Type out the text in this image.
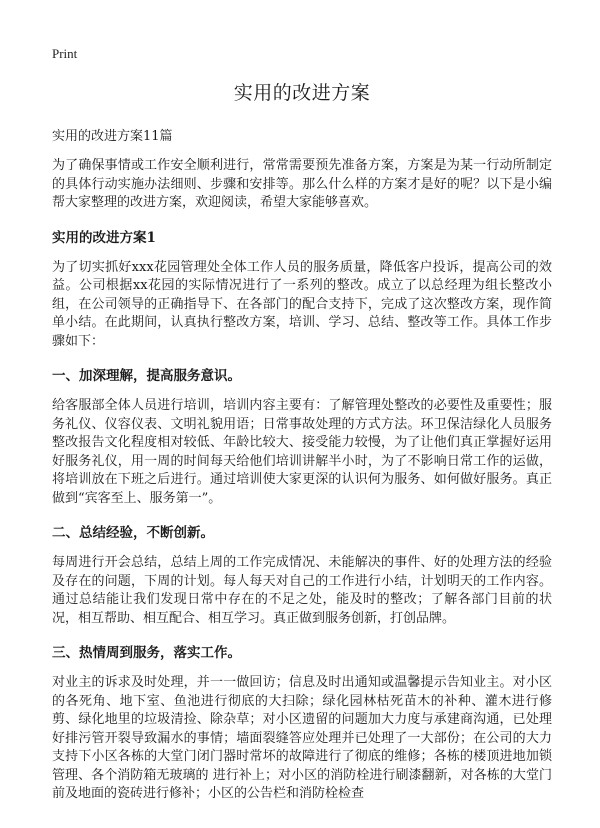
Print
实用的改进方案

实用的改进方案11篇

为了确保事情或工作安全顺利进行，常常需要预先准备方案，方案是为某一行动所制定的具体行动实施办法细则、步骤和安排等。那么什么样的方案才是好的呢？以下是小编帮大家整理的改进方案，欢迎阅读，希望大家能够喜欢。

实用的改进方案1

为了切实抓好xxx花园管理处全体工作人员的服务质量，降低客户投诉，提高公司的效益。公司根据xx花园的实际情况进行了一系列的整改。成立了以总经理为组长整改小组，在公司领导的正确指导下、在各部门的配合支持下，完成了这次整改方案，现作简单小结。在此期间，认真执行整改方案，培训、学习、总结、整改等工作。具体工作步骤如下：

一、加深理解，提高服务意识。

给客服部全体人员进行培训，培训内容主要有：了解管理处整改的必要性及重要性；服务礼仪、仪容仪表、文明礼貌用语；日常事故处理的方式方法。环卫保洁绿化人员服务整改报告文化程度相对较低、年龄比较大、接受能力较慢，为了让他们真正掌握好运用好服务礼仪，用一周的时间每天给他们培训讲解半小时，为了不影响日常工作的运做，将培训放在下班之后进行。通过培训使大家更深的认识何为服务、如何做好服务。真正做到“宾客至上、服务第一”。

二、总结经验，不断创新。

每周进行开会总结，总结上周的工作完成情况、未能解决的事件、好的处理方法的经验及存在的问题，下周的计划。每人每天对自己的工作进行小结，计划明天的工作内容。通过总结能让我们发现日常中存在的不足之处，能及时的整改；了解各部门目前的状况，相互帮助、相互配合、相互学习。真正做到服务创新，打创品牌。

三、热情周到服务，落实工作。

对业主的诉求及时处理，并一一做回访；信息及时出通知或温馨提示告知业主。对小区的各死角、地下室、鱼池进行彻底的大扫除；绿化园林枯死苗木的补种、灌木进行修剪、绿化地里的垃圾清捡、除杂草；对小区遗留的问题加大力度与承建商沟通，已处理好排污管开裂导致漏水的事情；墙面裂缝答应处理并已处理了一大部份；在公司的大力支持下小区各栋的大堂门闭门器时常坏的故障进行了彻底的维修；各栋的楼顶进地加锁管理、各个消防箱无玻璃的 进行补上；对小区的消防栓进行刷漆翻新，对各栋的大堂门前及地面的瓷砖进行修补；小区的公告栏和消防栓检查
